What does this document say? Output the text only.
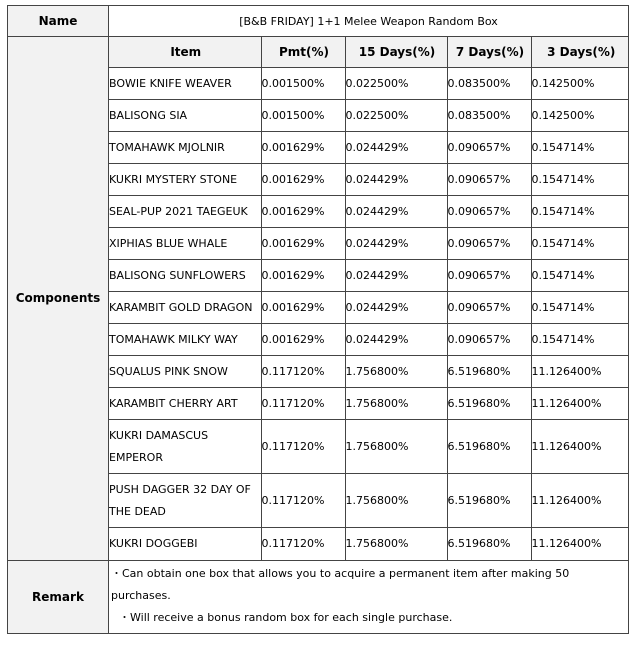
Name	[B&B FRIDAY] 1+1 Melee Weapon Random Box
Components	
Item	Pmt(%)	15 Days(%)	7 Days(%)	3 Days(%)
BOWIE KNIFE WEAVER	0.001500%	0.022500%	0.083500%	0.142500%
BALISONG SIA	0.001500%	0.022500%	0.083500%	0.142500%
TOMAHAWK MJOLNIR	0.001629%	0.024429%	0.090657%	0.154714%
KUKRI MYSTERY STONE	0.001629%	0.024429%	0.090657%	0.154714%
SEAL-PUP 2021 TAEGEUK	0.001629%	0.024429%	0.090657%	0.154714%
XIPHIAS BLUE WHALE	0.001629%	0.024429%	0.090657%	0.154714%
BALISONG SUNFLOWERS	0.001629%	0.024429%	0.090657%	0.154714%
KARAMBIT GOLD DRAGON	0.001629%	0.024429%	0.090657%	0.154714%
TOMAHAWK MILKY WAY	0.001629%	0.024429%	0.090657%	0.154714%
SQUALUS PINK SNOW	0.117120%	1.756800%	6.519680%	11.126400%
KARAMBIT CHERRY ART	0.117120%	1.756800%	6.519680%	11.126400%
KUKRI DAMASCUS EMPEROR	0.117120%	1.756800%	6.519680%	11.126400%
PUSH DAGGER 32 DAY OF THE DEAD	0.117120%	1.756800%	6.519680%	11.126400%
KUKRI DOGGEBI	0.117120%	1.756800%	6.519680%	11.126400%

Remark	
・Can obtain one box that allows you to acquire a permanent item after making 50 purchases.
・Will receive a bonus random box for each single purchase.
